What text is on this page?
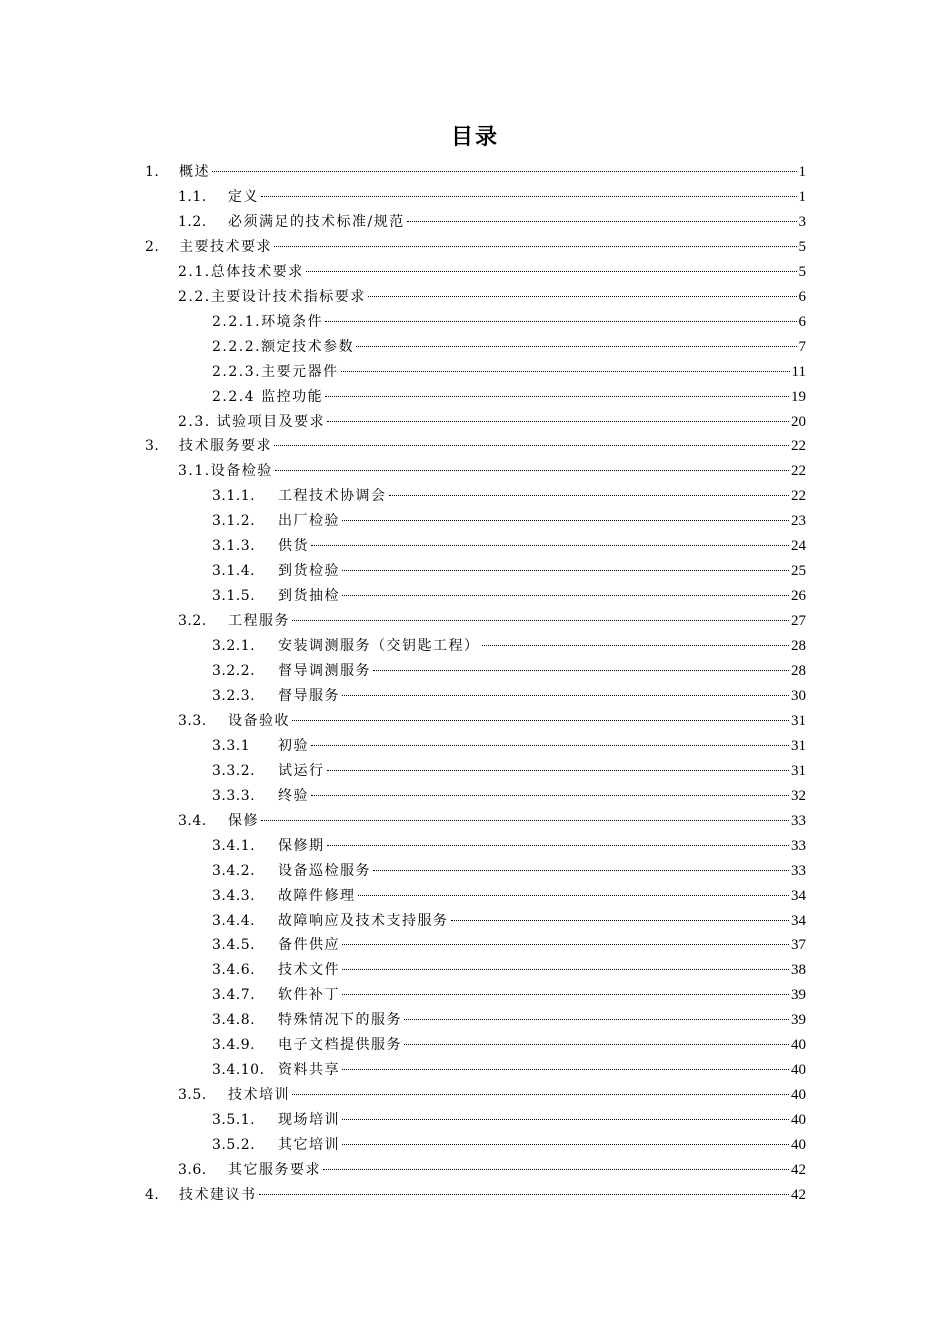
目录
1.	概述	1
1.1.	定义	1
1.2.	必须满足的技术标准/规范	3
2.	主要技术要求	5
2.1.总体技术要求	5
2.2.主要设计技术指标要求	6
2.2.1.环境条件	6
2.2.2.额定技术参数	7
2.2.3.主要元器件	11
2.2.4 监控功能	19
2.3. 试验项目及要求	20
3.	技术服务要求	22
3.1.设备检验	22
3.1.1.	工程技术协调会	22
3.1.2.	出厂检验	23
3.1.3.	供货	24
3.1.4.	到货检验	25
3.1.5.	到货抽检	26
3.2.	工程服务	27
3.2.1.	安装调测服务（交钥匙工程）	28
3.2.2.	督导调测服务	28
3.2.3.	督导服务	30
3.3.	设备验收	31
3.3.1	初验	31
3.3.2.	试运行	31
3.3.3.	终验	32
3.4.	保修	33
3.4.1.	保修期	33
3.4.2.	设备巡检服务	33
3.4.3.	故障件修理	34
3.4.4.	故障响应及技术支持服务	34
3.4.5.	备件供应	37
3.4.6.	技术文件	38
3.4.7.	软件补丁	39
3.4.8.	特殊情况下的服务	39
3.4.9.	电子文档提供服务	40
3.4.10. 资料共享	40
3.5.	技术培训	40
3.5.1.	现场培训	40
3.5.2.	其它培训	40
3.6.	其它服务要求	42
4.	技术建议书	42
